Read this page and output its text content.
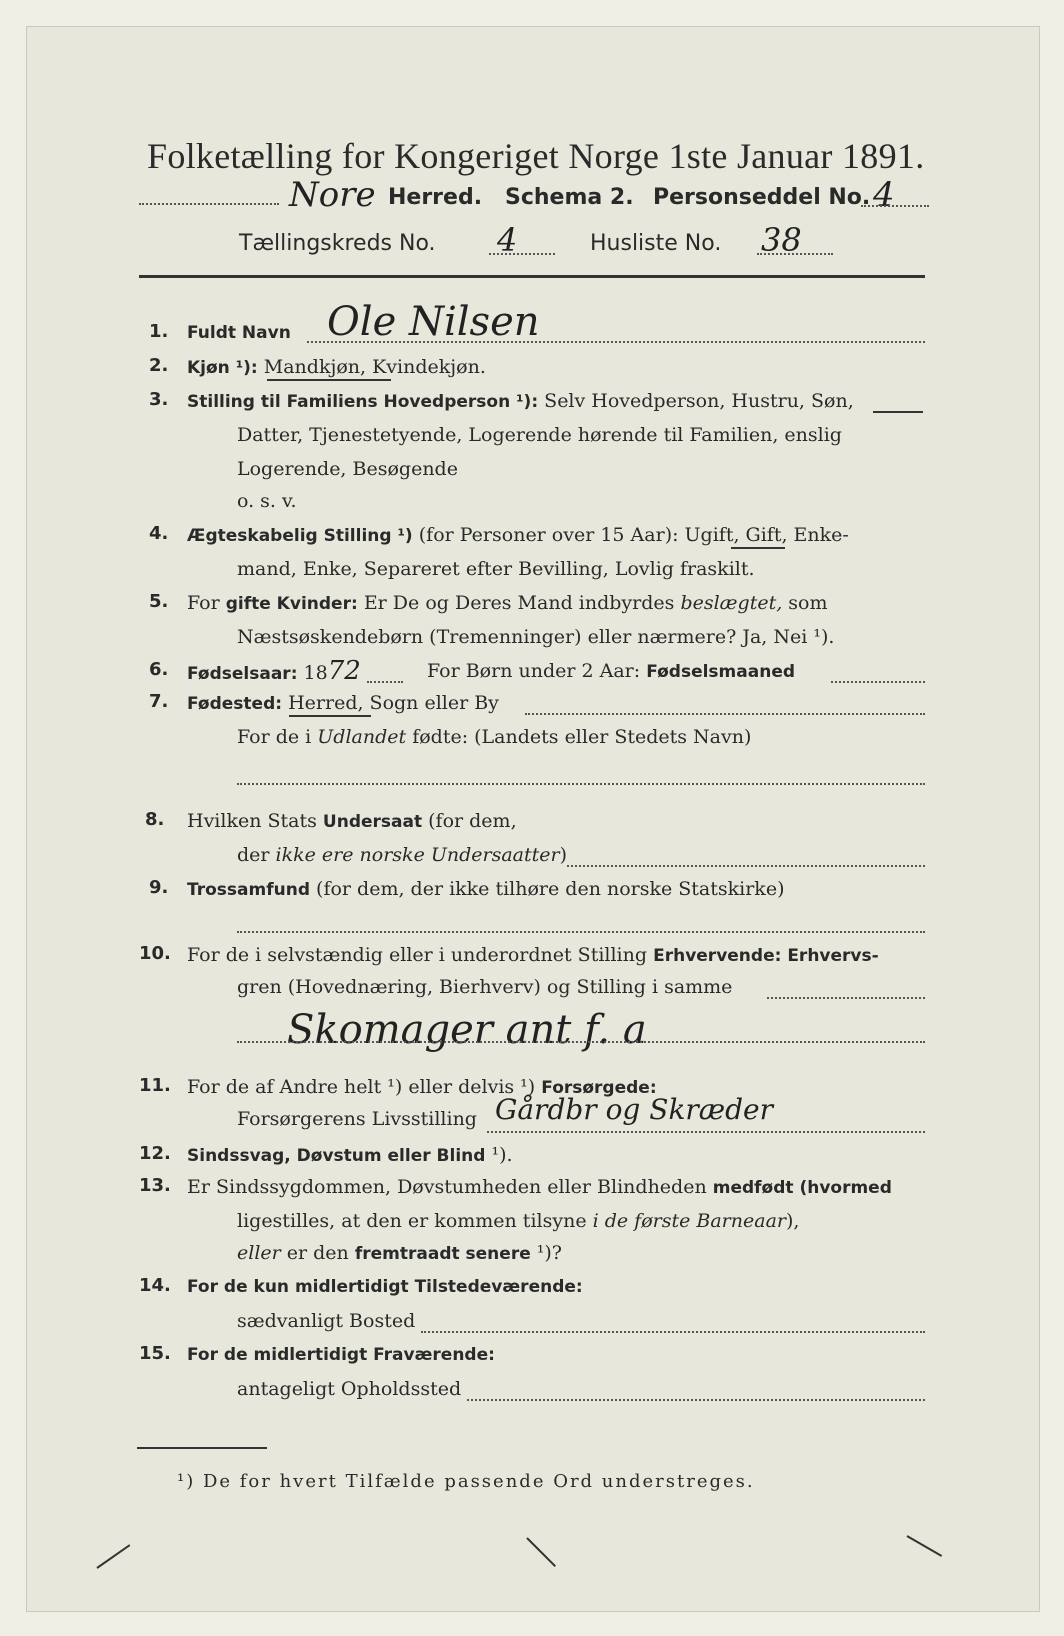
Folketælling for Kongeriget Norge 1ste Januar 1891.
Nore Herred. Schema 2. Personseddel No. 4
Tællingskreds No. 4	Husliste No. 38
1. Fuldt Navn Ole Nilsen
2. Kjøn ¹): Mandkjøn, Kvindekjøn.
3. Stilling til Familiens Hovedperson ¹): Selv Hovedperson, Hustru, Søn,
Datter, Tjenestetyende, Logerende hørende til Familien, enslig
Logerende, Besøgende
o. s. v.
4. Ægteskabelig Stilling ¹) (for Personer over 15 Aar): Ugift, Gift, Enke-
mand, Enke, Separeret efter Bevilling, Lovlig fraskilt.
5. For gifte Kvinder: Er De og Deres Mand indbyrdes beslægtet, som
Næstsøskendebørn (Tremenninger) eller nærmere? Ja, Nei ¹).
6. Fødselsaar: 1872	For Børn under 2 Aar: Fødselsmaaned
7. Fødested: Herred, Sogn eller By
For de i Udlandet fødte: (Landets eller Stedets Navn)
8. Hvilken Stats Undersaat (for dem,
der ikke ere norske Undersaatter)
9. Trossamfund (for dem, der ikke tilhøre den norske Statskirke)
10. For de i selvstændig eller i underordnet Stilling Erhvervende: Erhvervs-
gren (Hovednæring, Bierhverv) og Stilling i samme
Skomager ant f. a
11. For de af Andre helt ¹) eller delvis ¹) Forsørgede:
Forsørgerens Livsstilling Gårdbr og Skræder
12. Sindssvag, Døvstum eller Blind ¹).
13. Er Sindssygdommen, Døvstumheden eller Blindheden medfødt (hvormed
ligestilles, at den er kommen tilsyne i de første Barneaar),
eller er den fremtraadt senere ¹)?
14. For de kun midlertidigt Tilstedeværende:
sædvanligt Bosted
15. For de midlertidigt Fraværende:
antageligt Opholdssted
¹) De for hvert Tilfælde passende Ord understreges.
